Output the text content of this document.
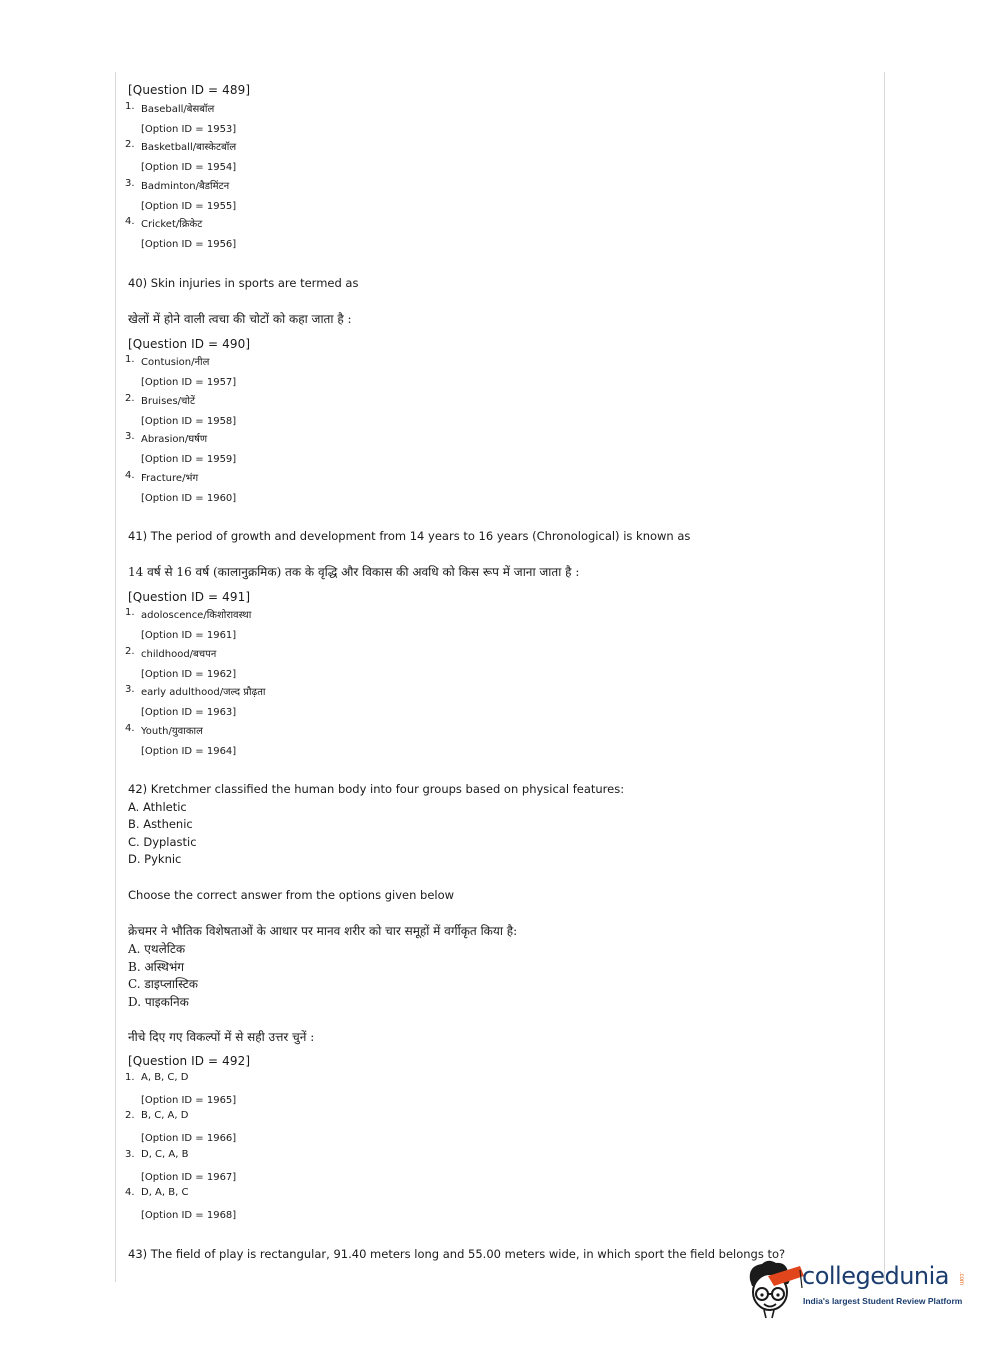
[Question ID = 489]
1. Baseball/बेसबॉल
[Option ID = 1953]
2. Basketball/बास्केटबॉल
[Option ID = 1954]
3. Badminton/बैडमिंटन
[Option ID = 1955]
4. Cricket/क्रिकेट
[Option ID = 1956]
40) Skin injuries in sports are termed as
खेलों में होने वाली त्वचा की चोटों को कहा जाता है :
[Question ID = 490]
1. Contusion/नील
[Option ID = 1957]
2. Bruises/चोटें
[Option ID = 1958]
3. Abrasion/घर्षण
[Option ID = 1959]
4. Fracture/भंग
[Option ID = 1960]
41) The period of growth and development from 14 years to 16 years (Chronological) is known as
14 वर्ष से 16 वर्ष (कालानुक्रमिक) तक के वृद्धि और विकास की अवधि को किस रूप में जाना जाता है :
[Question ID = 491]
1. adoloscence/किशोरावस्था
[Option ID = 1961]
2. childhood/बचपन
[Option ID = 1962]
3. early adulthood/जल्द प्रौढ़ता
[Option ID = 1963]
4. Youth/युवाकाल
[Option ID = 1964]
42) Kretchmer classified the human body into four groups based on physical features:
A. Athletic
B. Asthenic
C. Dyplastic
D. Pyknic
Choose the correct answer from the options given below
क्रेचमर ने भौतिक विशेषताओं के आधार पर मानव शरीर को चार समूहों में वर्गीकृत किया है:
A. एथलेटिक
B. अस्थिभंग
C. डाइप्लास्टिक
D. पाइकनिक
नीचे दिए गए विकल्पों में से सही उत्तर चुनें :
[Question ID = 492]
1. A, B, C, D
[Option ID = 1965]
2. B, C, A, D
[Option ID = 1966]
3. D, C, A, B
[Option ID = 1967]
4. D, A, B, C
[Option ID = 1968]
43) The field of play is rectangular, 91.40 meters long and 55.00 meters wide, in which sport the field belongs to?
collegedunia .com
India's largest Student Review Platform
